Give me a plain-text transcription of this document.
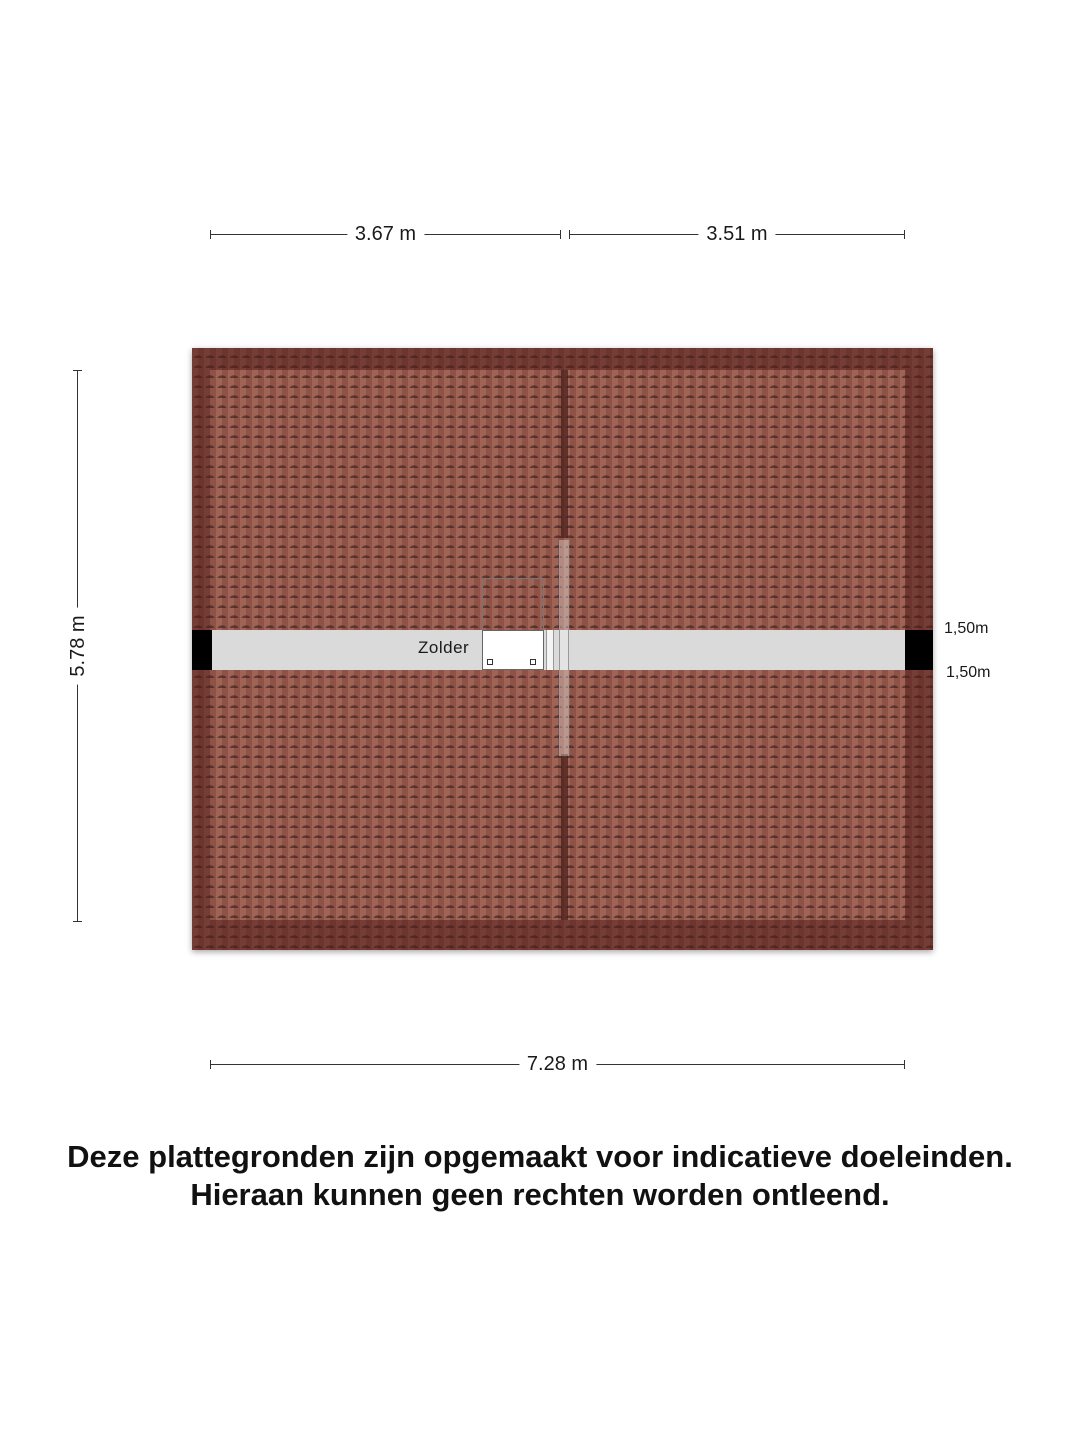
3.67 m	3.51 m
5.78 m	Zolder
1,50m
1,50m
7.28 m
Deze plattegronden zijn opgemaakt voor indicatieve doeleinden.
Hieraan kunnen geen rechten worden ontleend.
